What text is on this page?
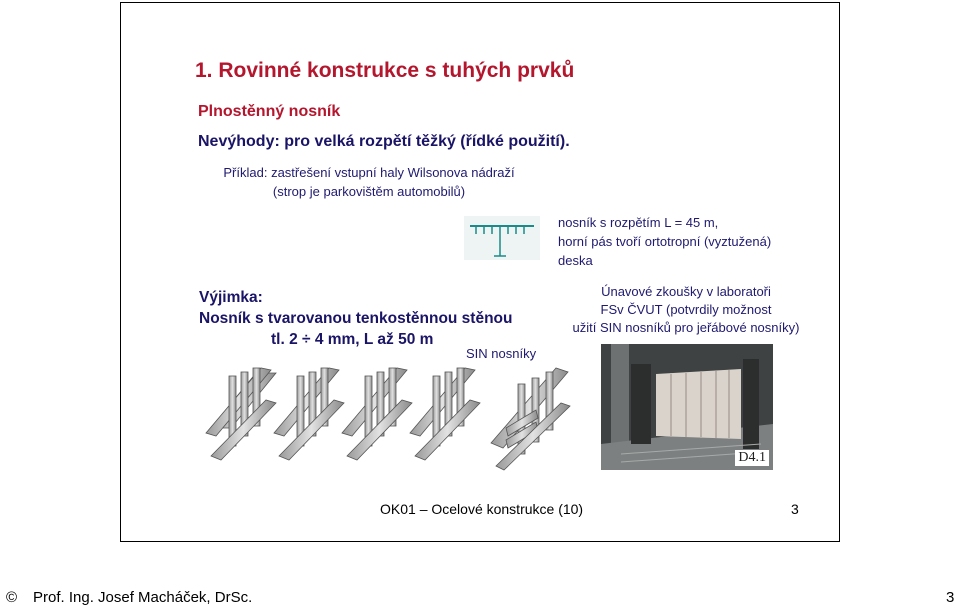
1. Rovinné konstrukce s tuhých prvků
Plnostěnný nosník
Nevýhody: pro velká rozpětí těžký (řídké použití).
Příklad: zastřešení vstupní haly Wilsonova nádraží
(strop je parkovištěm automobilů)
nosník s rozpětím L = 45 m,
horní pás tvoří ortotropní (vyztužená)
deska
Výjimka:
Nosník s tvarovanou tenkostěnnou stěnou
tl. 2 ÷ 4 mm, L až 50 m
Únavové zkoušky v laboratoři
FSv ČVUT (potvrdily možnost
užití SIN nosníků pro jeřábové nosníky)
SIN nosníky
D4.1
OK01 – Ocelové konstrukce (10)	3
© Prof. Ing. Josef Macháček, DrSc.	3
